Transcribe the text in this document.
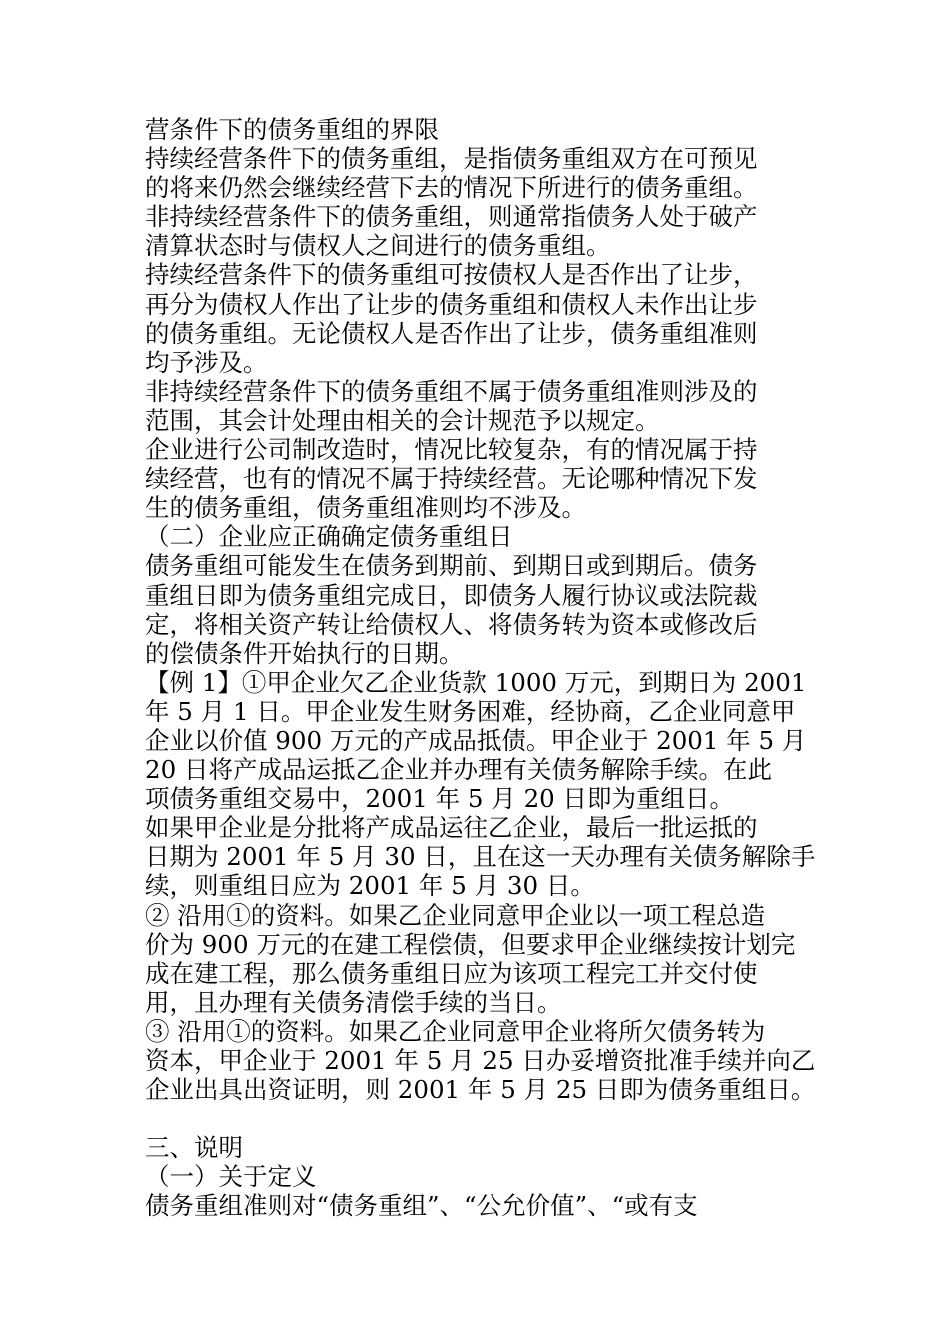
营条件下的债务重组的界限
持续经营条件下的债务重组，是指债务重组双方在可预见
的将来仍然会继续经营下去的情况下所进行的债务重组。
非持续经营条件下的债务重组，则通常指债务人处于破产
清算状态时与债权人之间进行的债务重组。
持续经营条件下的债务重组可按债权人是否作出了让步，
再分为债权人作出了让步的债务重组和债权人未作出让步
的债务重组。无论债权人是否作出了让步，债务重组准则
均予涉及。
非持续经营条件下的债务重组不属于债务重组准则涉及的
范围，其会计处理由相关的会计规范予以规定。
企业进行公司制改造时，情况比较复杂，有的情况属于持
续经营，也有的情况不属于持续经营。无论哪种情况下发
生的债务重组，债务重组准则均不涉及。
（二）企业应正确确定债务重组日
债务重组可能发生在债务到期前、到期日或到期后。债务
重组日即为债务重组完成日，即债务人履行协议或法院裁
定，将相关资产转让给债权人、将债务转为资本或修改后
的偿债条件开始执行的日期。
【例 1】①甲企业欠乙企业货款 1000 万元，到期日为 2001
年 5 月 1 日。甲企业发生财务困难，经协商，乙企业同意甲
企业以价值 900 万元的产成品抵债。甲企业于 2001 年 5 月
20 日将产成品运抵乙企业并办理有关债务解除手续。在此
项债务重组交易中，2001 年 5 月 20 日即为重组日。
如果甲企业是分批将产成品运往乙企业，最后一批运抵的
日期为 2001 年 5 月 30 日，且在这一天办理有关债务解除手
续，则重组日应为 2001 年 5 月 30 日。
② 沿用①的资料。如果乙企业同意甲企业以一项工程总造
价为 900 万元的在建工程偿债，但要求甲企业继续按计划完
成在建工程，那么债务重组日应为该项工程完工并交付使
用，且办理有关债务清偿手续的当日。
③ 沿用①的资料。如果乙企业同意甲企业将所欠债务转为
资本，甲企业于 2001 年 5 月 25 日办妥增资批准手续并向乙
企业出具出资证明，则 2001 年 5 月 25 日即为债务重组日。
三、说明
（一）关于定义
债务重组准则对“债务重组”、“公允价值”、“或有支
